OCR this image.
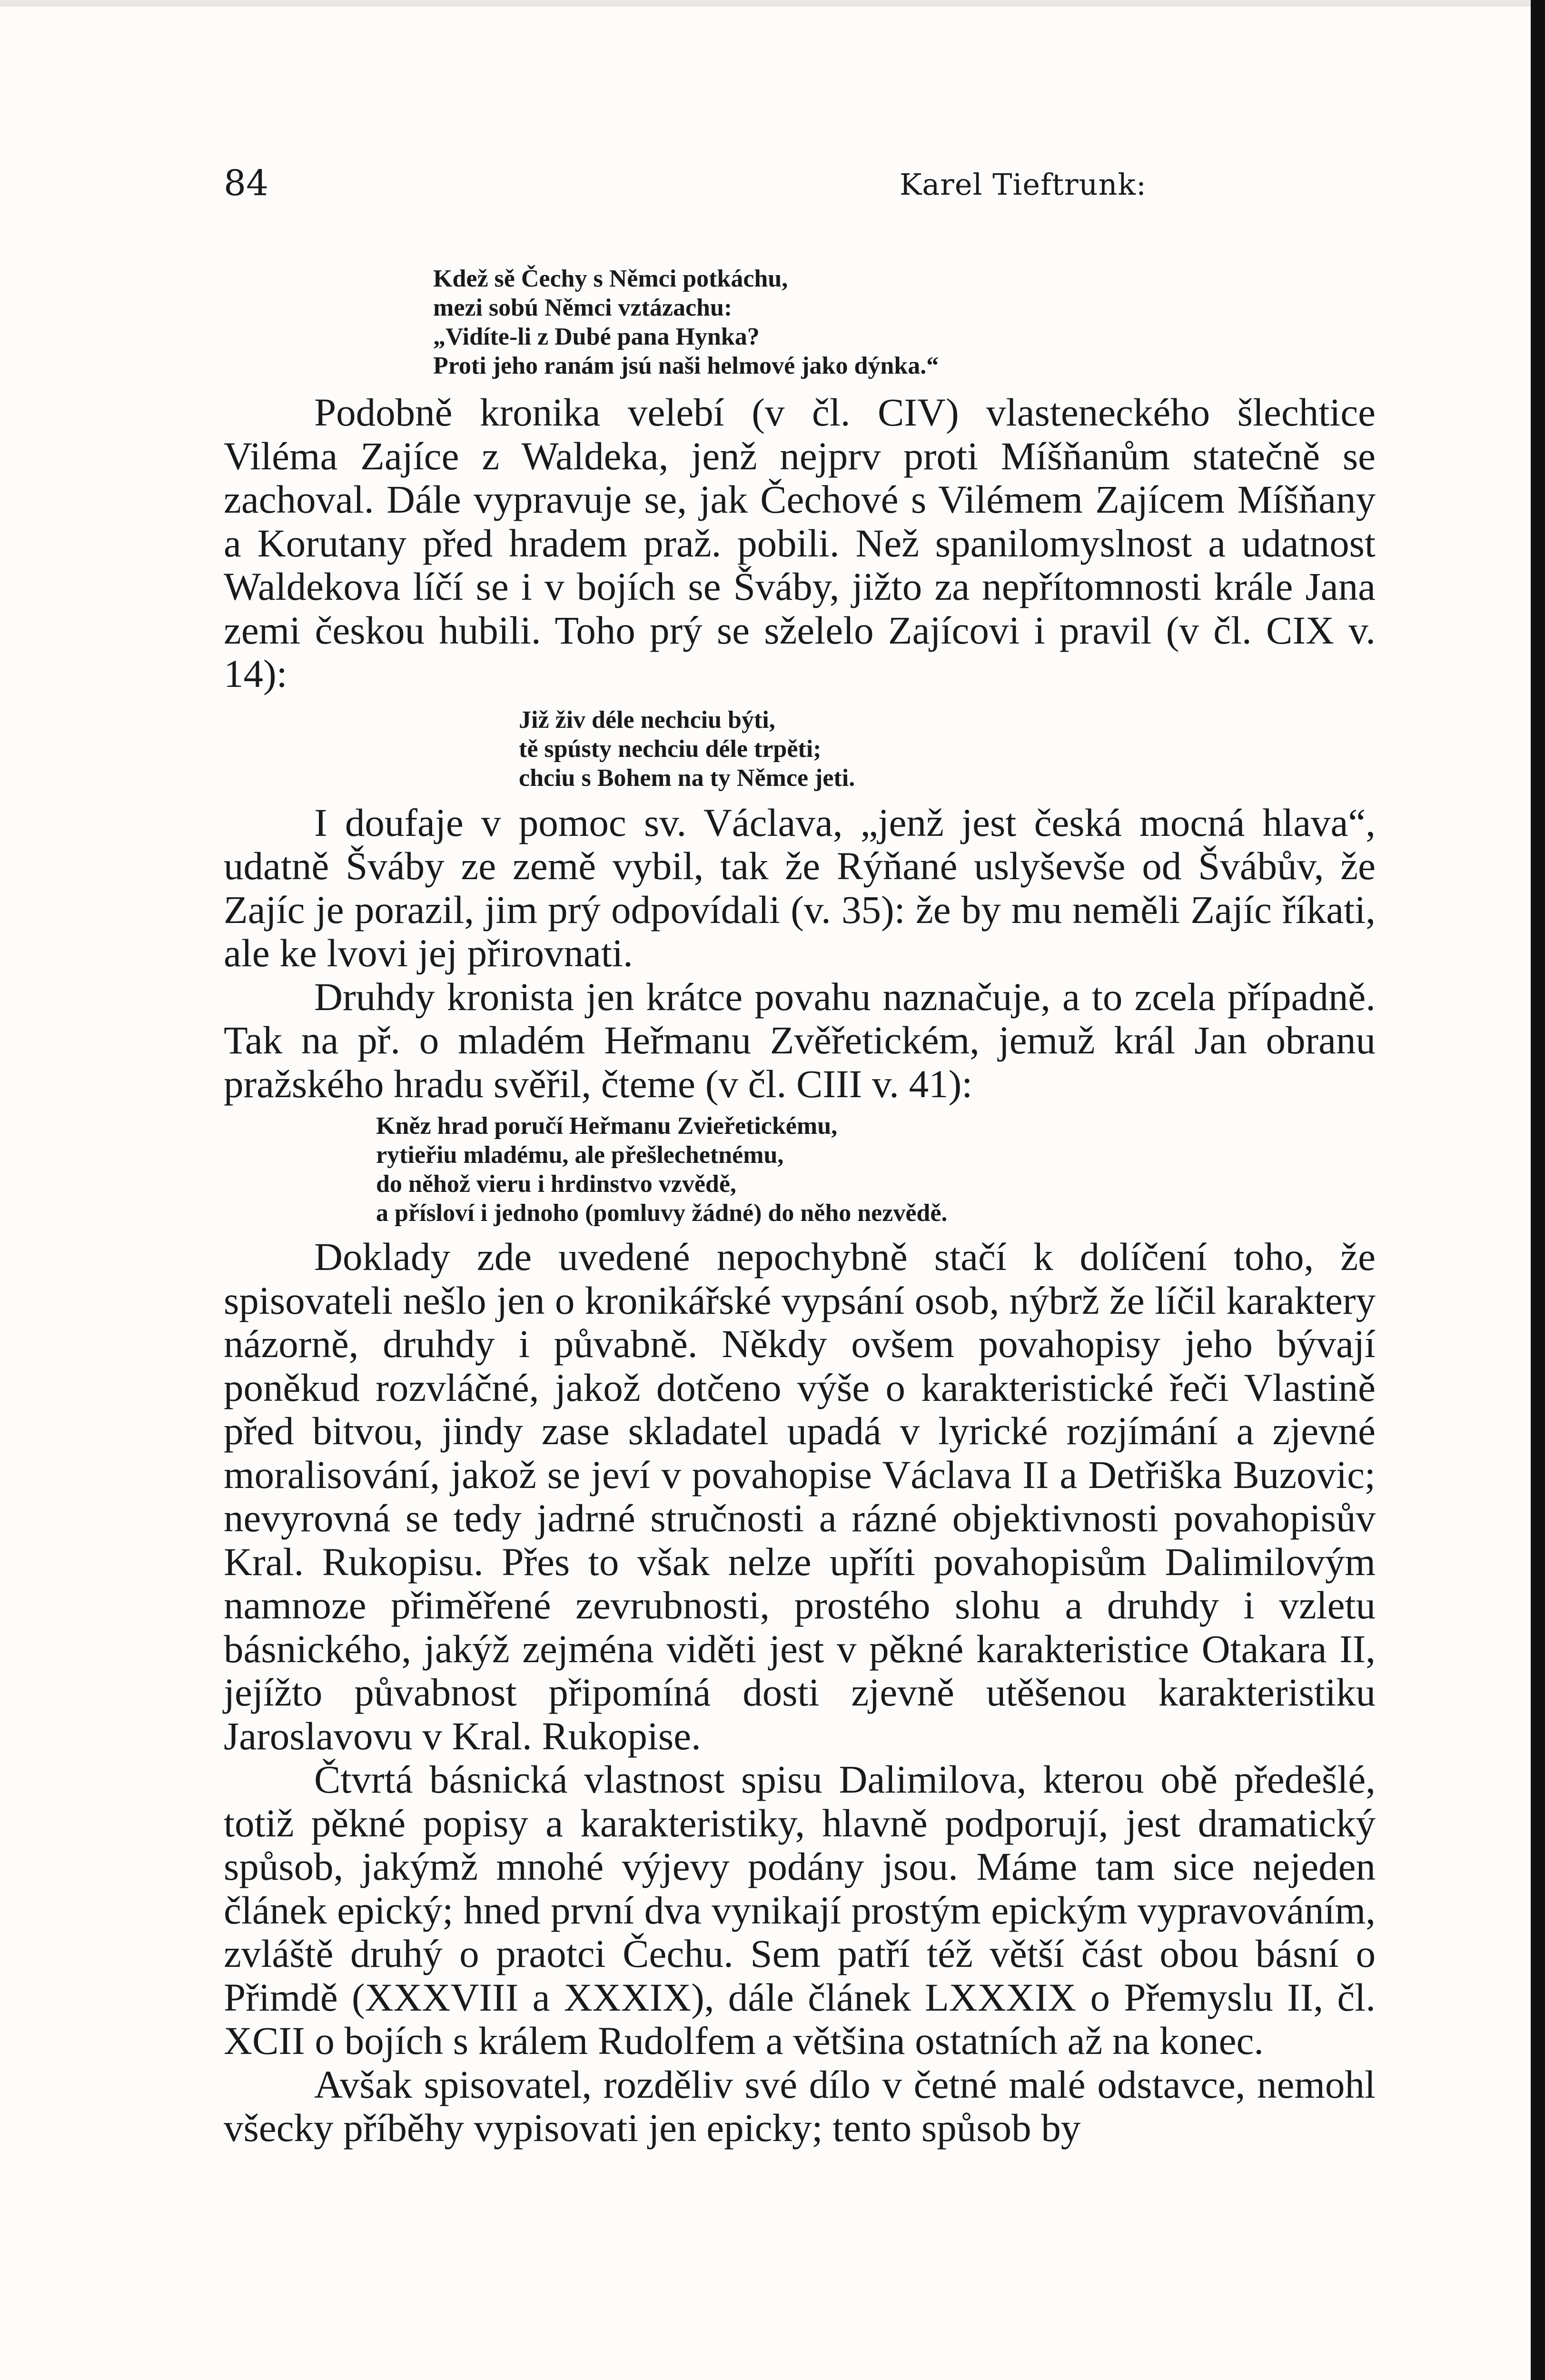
84	Karel Tieftrunk:
Kdež sě Čechy s Němci potkáchu,
mezi sobú Němci vztázachu:
„Vidíte-li z Dubé pana Hynka?
Proti jeho ranám jsú naši helmové jako dýnka.“

Podobně kronika velebí (v čl. CIV) vlasteneckého šlechtice Viléma Zajíce z Waldeka, jenž nejprv proti Míšňanům statečně se zachoval. Dále vypravuje se, jak Čechové s Vilémem Zajícem Míšňany a Korutany před hradem praž. pobili. Než spanilomyslnost a udatnost Waldekova líčí se i v bojích se Šváby, jižto za nepřítomnosti krále Jana zemi českou hubili. Toho prý se sželelo Zajícovi i pravil (v čl. CIX v. 14):

Již živ déle nechciu býti,
tě spústy nechciu déle trpěti;
chciu s Bohem na ty Němce jeti.

I doufaje v pomoc sv. Václava, „jenž jest česká mocná hlava“, udatně Šváby ze země vybil, tak že Rýňané uslyševše od Švábův, že Zajíc je porazil, jim prý odpovídali (v. 35): že by mu neměli Zajíc říkati, ale ke lvovi jej přirovnati.

Druhdy kronista jen krátce povahu naznačuje, a to zcela případně. Tak na př. o mladém Heřmanu Zvěřetickém, jemuž král Jan obranu pražského hradu svěřil, čteme (v čl. CIII v. 41):

Kněz hrad poručí Heřmanu Zvieřetickému,
rytieřiu mladému, ale přešlechetnému,
do něhož vieru i hrdinstvo vzvědě,
a přísloví i jednoho (pomluvy žádné) do něho nezvědě.

Doklady zde uvedené nepochybně stačí k dolíčení toho, že spisovateli nešlo jen o kronikářské vypsání osob, nýbrž že líčil karaktery názorně, druhdy i půvabně. Někdy ovšem povahopisy jeho bývají poněkud rozvláčné, jakož dotčeno výše o karakteristické řeči Vlastině před bitvou, jindy zase skladatel upadá v lyrické rozjímání a zjevné moralisování, jakož se jeví v povahopise Václava II a Detřiška Buzovic; nevyrovná se tedy jadrné stručnosti a rázné objektivnosti povahopisův Kral. Rukopisu. Přes to však nelze upříti povahopisům Dalimilovým namnoze přiměřené zevrubnosti, prostého slohu a druhdy i vzletu básnického, jakýž zejména viděti jest v pěkné karakteristice Otakara II, jejížto půvabnost připomíná dosti zjevně utěšenou karakteristiku Jaroslavovu v Kral. Rukopise.

Čtvrtá básnická vlastnost spisu Dalimilova, kterou obě předešlé, totiž pěkné popisy a karakteristiky, hlavně podporují, jest dramatický spůsob, jakýmž mnohé výjevy podány jsou. Máme tam sice nejeden článek epický; hned první dva vynikají prostým epickým vypravováním, zvláště druhý o praotci Čechu. Sem patří též větší část obou básní o Přimdě (XXXVIII a XXXIX), dále článek LXXXIX o Přemyslu II, čl. XCII o bojích s králem Rudolfem a většina ostatních až na konec.

Avšak spisovatel, rozděliv své dílo v četné malé odstavce, nemohl všecky příběhy vypisovati jen epicky; tento spůsob by
